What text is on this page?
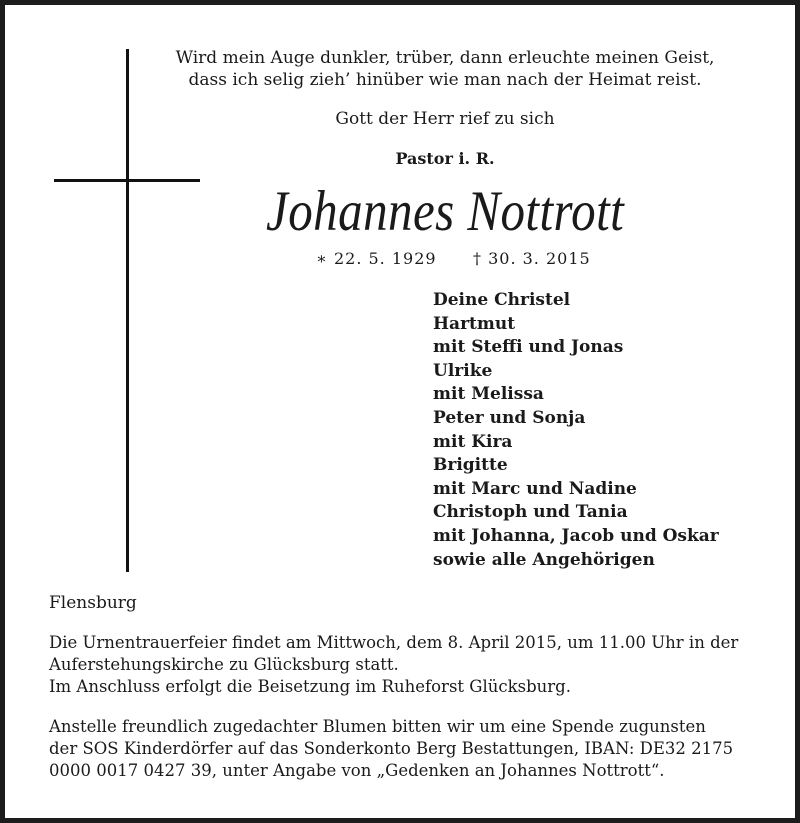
Wird mein Auge dunkler, trüber, dann erleuchte meinen Geist,
dass ich selig zieh’ hinüber wie man nach der Heimat reist.
Gott der Herr rief zu sich
Pastor i. R.
Johannes Nottrott
∗ 22. 5. 1929 † 30. 3. 2015
Deine Christel
Hartmut
mit Steffi und Jonas
Ulrike
mit Melissa
Peter und Sonja
mit Kira
Brigitte
mit Marc und Nadine
Christoph und Tania
mit Johanna, Jacob und Oskar
sowie alle Angehörigen
Flensburg
Die Urnentrauerfeier findet am Mittwoch, dem 8. April 2015, um 11.00 Uhr in der
Auferstehungskirche zu Glücksburg statt.
Im Anschluss erfolgt die Beisetzung im Ruheforst Glücksburg.
Anstelle freundlich zugedachter Blumen bitten wir um eine Spende zugunsten
der SOS Kinderdörfer auf das Sonderkonto Berg Bestattungen, IBAN: DE32 2175
0000 0017 0427 39, unter Angabe von „Gedenken an Johannes Nottrott“.
